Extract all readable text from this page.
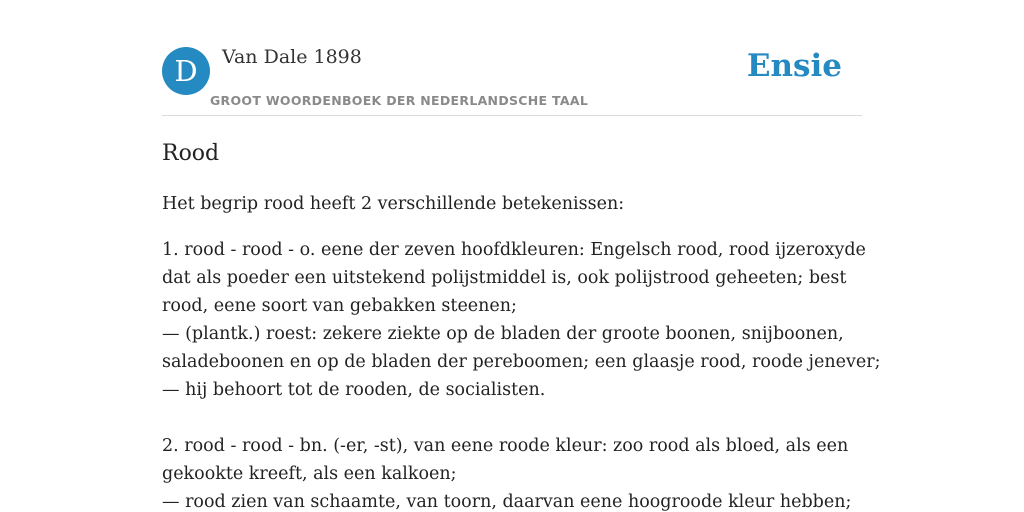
D	Van Dale 1898
GROOT WOORDENBOEK DER NEDERLANDSCHE TAAL
Ensie
Rood

Het begrip rood heeft 2 verschillende betekenissen:

1. rood - rood - o. eene der zeven hoofdkleuren: Engelsch rood, rood ijzeroxyde
dat als poeder een uitstekend polijstmiddel is, ook polijstrood geheeten; best
rood, eene soort van gebakken steenen;
— (plantk.) roest: zekere ziekte op de bladen der groote boonen, snijboonen,
saladeboonen en op de bladen der pereboomen; een glaasje rood, roode jenever;
— hij behoort tot de rooden, de socialisten.
2. rood - rood - bn. (-er, -st), van eene roode kleur: zoo rood als bloed, als een
gekookte kreeft, als een kalkoen;
— rood zien van schaamte, van toorn, daarvan eene hoogroode kleur hebben;
